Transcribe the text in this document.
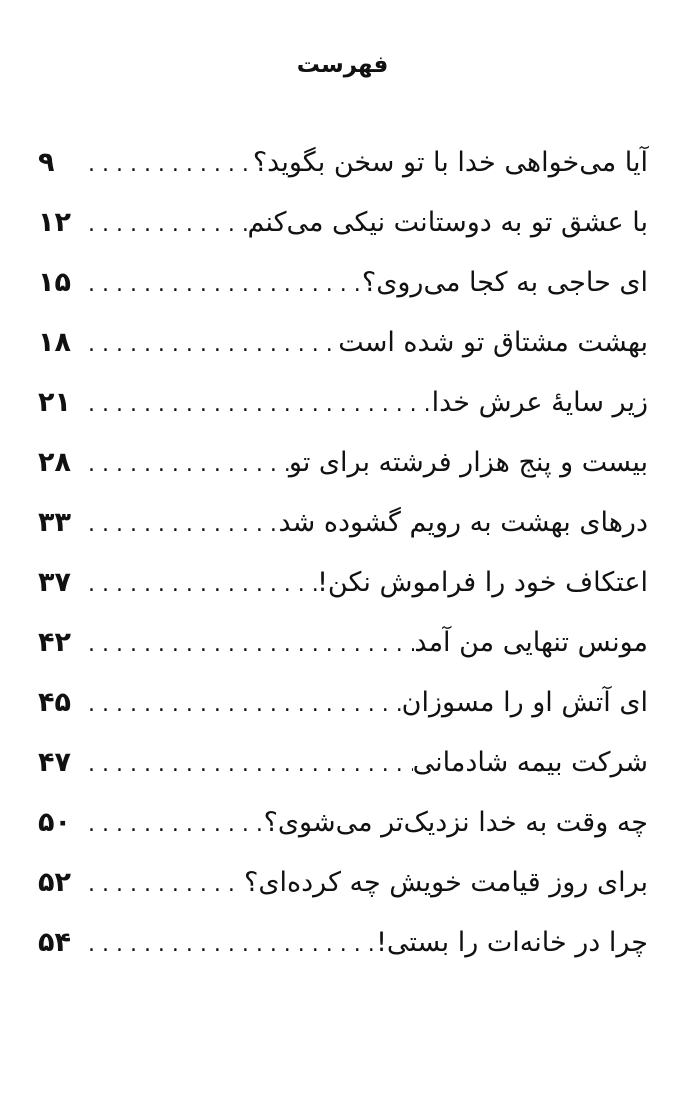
فهرست
آیا می‌خواهی خدا با تو سخن بگوید؟
. . .
۹
با عشق تو به دوستانت نیکی می‌کنم
. . .
۱۲
ای حاجی به کجا می‌روی؟
. . .
۱۵
بهشت مشتاق تو شده است
. . .
۱۸
زیر سایهٔ عرش خدا
. . .
۲۱
بیست و پنج هزار فرشته برای تو
. . .
۲۸
درهای بهشت به رویم گشوده شد
. . .
۳۳
اعتکاف خود را فراموش نکن!
. . .
۳۷
مونس تنهایی من آمد
. . .
۴۲
ای آتش او را مسوزان
. . .
۴۵
شرکت بیمه شادمانی
. . .
۴۷
چه وقت به خدا نزدیک‌تر می‌شوی؟
. . .
۵۰
برای روز قیامت خویش چه کرده‌ای؟
. . .
۵۲
چرا در خانه‌ات را بستی!
. . .
۵۴
